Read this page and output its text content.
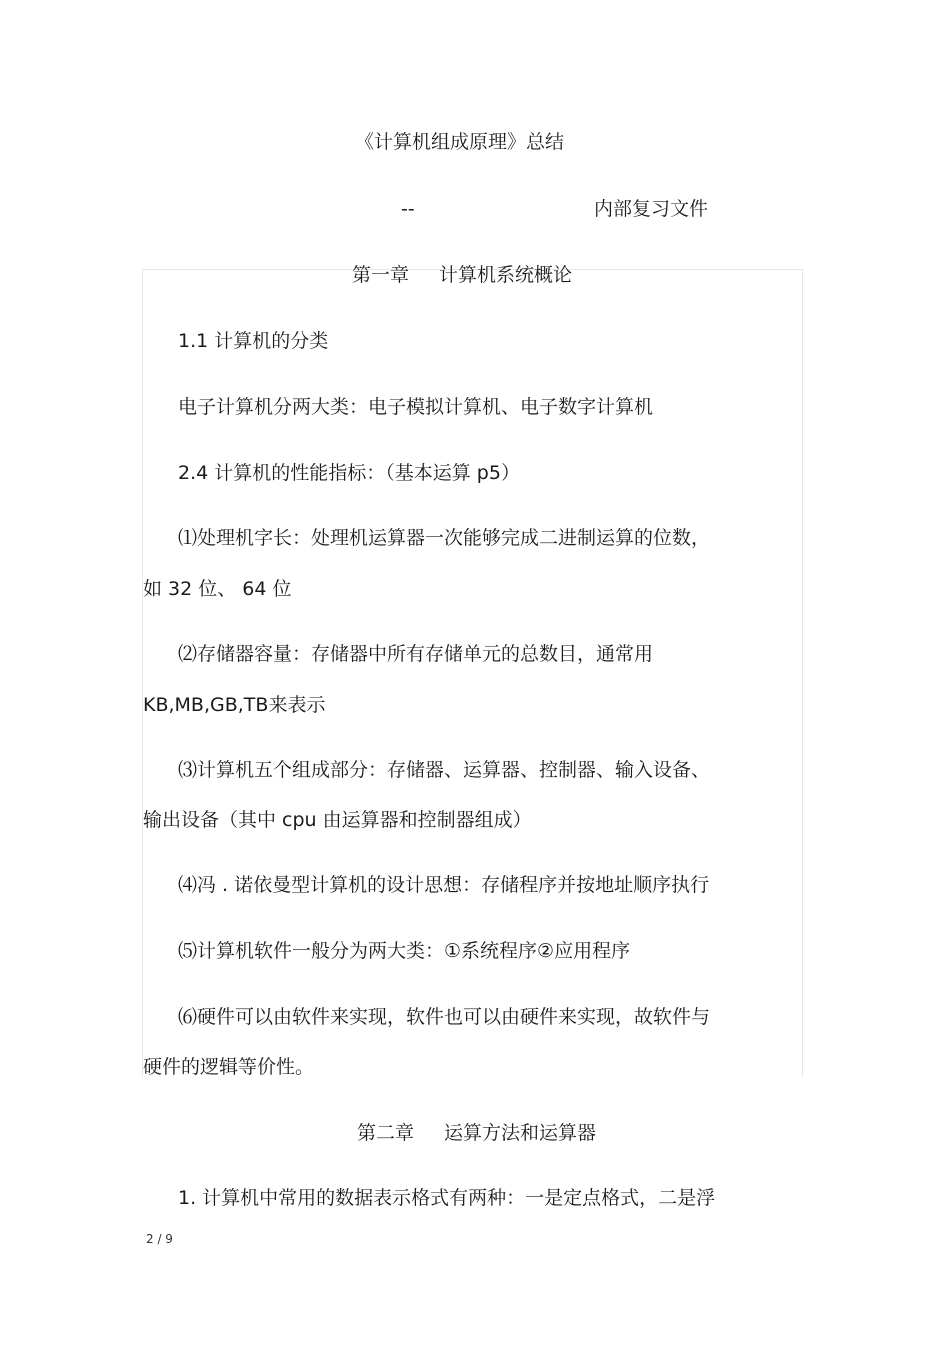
《计算机组成原理》总结
--	内部复习文件
第一章 计算机系统概论
1.1 计算机的分类
电子计算机分两大类：电子模拟计算机、电子数字计算机
2.4 计算机的性能指标：（基本运算 p5）
⑴处理机字长：处理机运算器一次能够完成二进制运算的位数，
如 32 位、 64 位
⑵存储器容量：存储器中所有存储单元的总数目，通常用
KB,MB,GB,TB来表示
⑶计算机五个组成部分：存储器、运算器、控制器、输入设备、
输出设备（其中 cpu 由运算器和控制器组成）
⑷冯 . 诺依曼型计算机的设计思想：存储程序并按地址顺序执行
⑸计算机软件一般分为两大类：①系统程序②应用程序
⑹硬件可以由软件来实现，软件也可以由硬件来实现，故软件与
硬件的逻辑等价性。
第二章 运算方法和运算器
1. 计算机中常用的数据表示格式有两种：一是定点格式，二是浮
2 / 9
